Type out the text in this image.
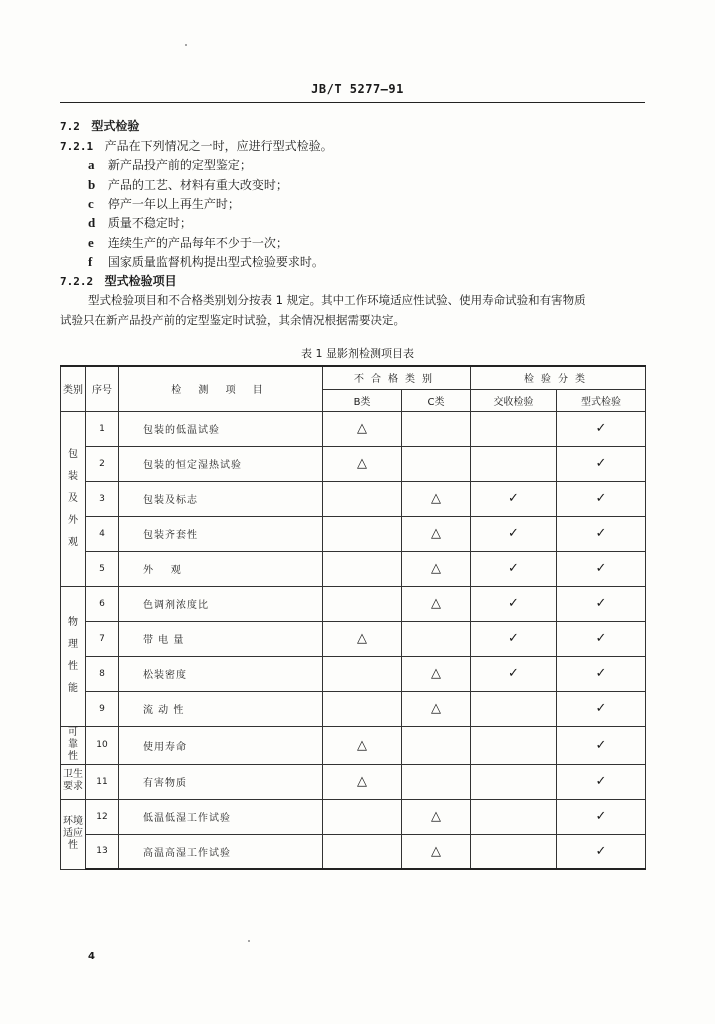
JB/T 5277—91
7.2 型式检验
7.2.1 产品在下列情况之一时，应进行型式检验。
a 新产品投产前的定型鉴定；
b 产品的工艺、材料有重大改变时；
c 停产一年以上再生产时；
d 质量不稳定时；
e 连续生产的产品每年不少于一次；
f 国家质量监督机构提出型式检验要求时。
7.2.2 型式检验项目
型式检验项目和不合格类别划分按表 1 规定。其中工作环境适应性试验、使用寿命试验和有害物质
试验只在新产品投产前的定型鉴定时试验，其余情况根据需要决定。
表 1 显影剂检测项目表
类别	序号	检 测 项 目	不合格类别		检验分类	
			B类	C类	交收检验	型式检验
包装及外观	1	包装的低温试验	△			✓
	2	包装的恒定湿热试验	△			✓
	3	包装及标志		△	✓	✓
	4	包装齐套性		△	✓	✓
	5	外    观		△	✓	✓
物理性能	6	色调剂浓度比		△	✓	✓
	7	带 电 量	△		✓	✓
	8	松装密度		△	✓	✓
	9	流 动 性		△		✓
可靠性	10	使用寿命	△			✓
卫生要求	11	有害物质	△			✓
环境适应性	12	低温低湿工作试验		△		✓
	13	高温高湿工作试验		△		✓
4
